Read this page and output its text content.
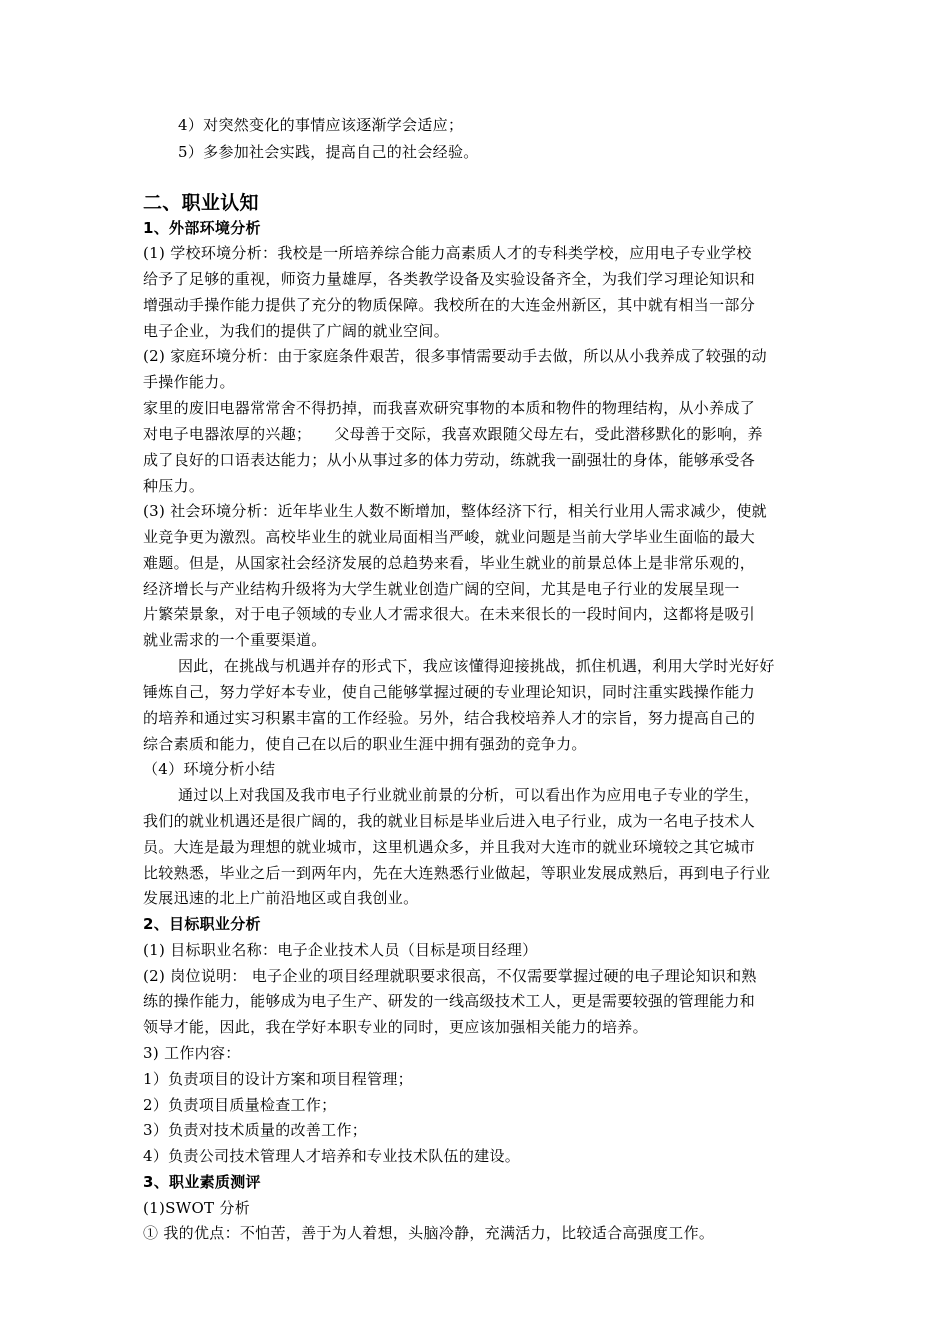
4）对突然变化的事情应该逐渐学会适应；
5）多参加社会实践，提高自己的社会经验。
二、职业认知
1、外部环境分析
(1) 学校环境分析：我校是一所培养综合能力高素质人才的专科类学校，应用电子专业学校
给予了足够的重视，师资力量雄厚，各类教学设备及实验设备齐全，为我们学习理论知识和
增强动手操作能力提供了充分的物质保障。我校所在的大连金州新区，其中就有相当一部分
电子企业，为我们的提供了广阔的就业空间。
(2) 家庭环境分析：由于家庭条件艰苦，很多事情需要动手去做，所以从小我养成了较强的动
手操作能力。
家里的废旧电器常常舍不得扔掉，而我喜欢研究事物的本质和物件的物理结构，从小养成了
对电子电器浓厚的兴趣；　　父母善于交际，我喜欢跟随父母左右，受此潜移默化的影响，养
成了良好的口语表达能力；从小从事过多的体力劳动，练就我一副强壮的身体，能够承受各
种压力。
(3) 社会环境分析：近年毕业生人数不断增加，整体经济下行，相关行业用人需求减少，使就
业竞争更为激烈。高校毕业生的就业局面相当严峻，就业问题是当前大学毕业生面临的最大
难题。但是，从国家社会经济发展的总趋势来看，毕业生就业的前景总体上是非常乐观的，
经济增长与产业结构升级将为大学生就业创造广阔的空间，尤其是电子行业的发展呈现一
片繁荣景象，对于电子领域的专业人才需求很大。在未来很长的一段时间内，这都将是吸引
就业需求的一个重要渠道。
因此，在挑战与机遇并存的形式下，我应该懂得迎接挑战，抓住机遇，利用大学时光好好
锤炼自己，努力学好本专业，使自己能够掌握过硬的专业理论知识，同时注重实践操作能力
的培养和通过实习积累丰富的工作经验。另外，结合我校培养人才的宗旨，努力提高自己的
综合素质和能力，使自己在以后的职业生涯中拥有强劲的竞争力。
（4）环境分析小结
通过以上对我国及我市电子行业就业前景的分析，可以看出作为应用电子专业的学生，
我们的就业机遇还是很广阔的，我的就业目标是毕业后进入电子行业，成为一名电子技术人
员。大连是最为理想的就业城市，这里机遇众多，并且我对大连市的就业环境较之其它城市
比较熟悉，毕业之后一到两年内，先在大连熟悉行业做起，等职业发展成熟后，再到电子行业
发展迅速的北上广前沿地区或自我创业。
2、目标职业分析
(1) 目标职业名称：电子企业技术人员（目标是项目经理）
(2) 岗位说明： 电子企业的项目经理就职要求很高，不仅需要掌握过硬的电子理论知识和熟
练的操作能力，能够成为电子生产、研发的一线高级技术工人，更是需要较强的管理能力和
领导才能，因此，我在学好本职专业的同时，更应该加强相关能力的培养。
3) 工作内容：
1）负责项目的设计方案和项目程管理；
2）负责项目质量检查工作；
3）负责对技术质量的改善工作；
4）负责公司技术管理人才培养和专业技术队伍的建设。
3、职业素质测评
(1)SWOT 分析
① 我的优点：不怕苦，善于为人着想，头脑冷静，充满活力，比较适合高强度工作。
